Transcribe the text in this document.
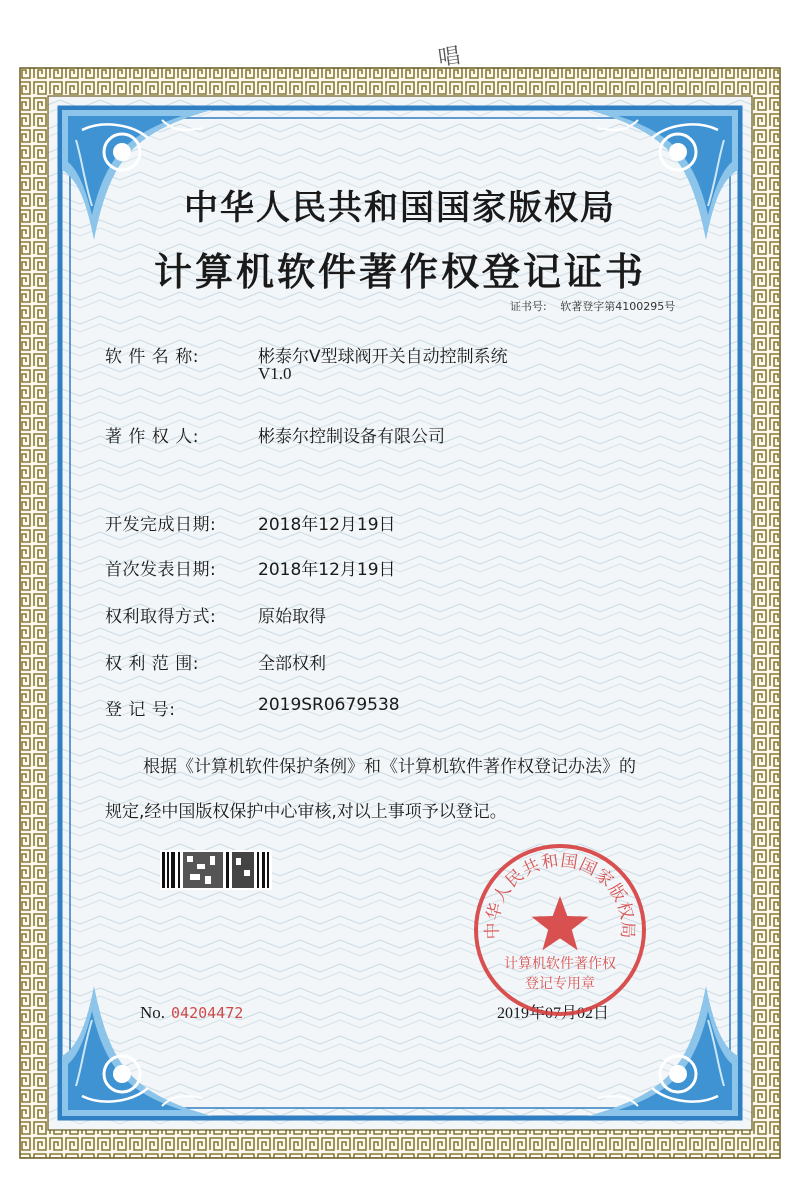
唱
中华人民共和国国家版权局
计算机软件著作权登记证书
证书号: 软著登字第4100295号
软 件 名 称:	彬泰尔V型球阀开关自动控制系统
V1.0
著 作 权 人:	彬泰尔控制设备有限公司
开发完成日期: 2018年12月19日
首次发表日期: 2018年12月19日
权利取得方式: 原始取得
权 利 范 围:	全部权利
登 记 号:	2019SR0679538
根据《计算机软件保护条例》和《计算机软件著作权登记办法》的
规定,经中国版权保护中心审核,对以上事项予以登记。
No. 04204472	2019年07月02日
中华人民共和国国家版权局
计算机软件著作权
登记专用章
